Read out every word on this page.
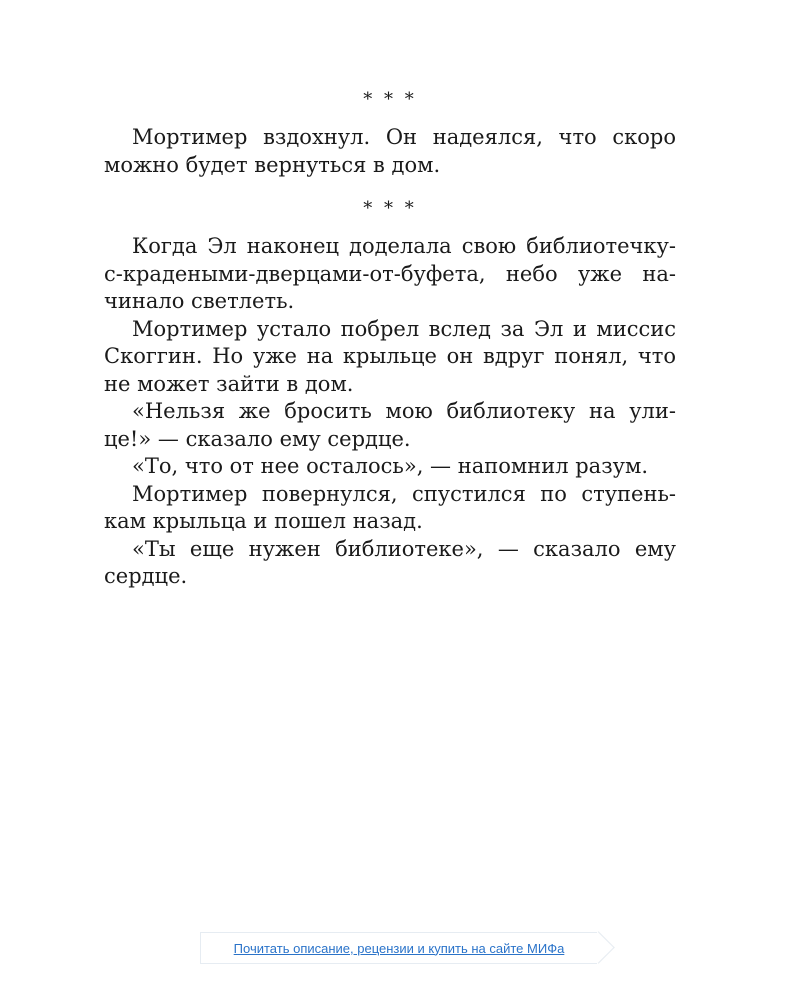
* * *

Мортимер вздохнул. Он надеялся, что скоро
можно будет вернуться в дом.

* * *

Когда Эл наконец доделала свою библиотечку-
с-крадеными-дверцами-от-буфета, небо уже на-
чинало светлеть.

Мортимер устало побрел вслед за Эл и миссис
Скоггин. Но уже на крыльце он вдруг понял, что
не может зайти в дом.

«Нельзя же бросить мою библиотеку на ули-
це!» — сказало ему сердце.

«То, что от нее осталось», — напомнил разум.

Мортимер повернулся, спустился по ступень-
кам крыльца и пошел назад.

«Ты еще нужен библиотеке», — сказало ему
сердце.

Почитать описание, рецензии и купить на сайте МИФа
